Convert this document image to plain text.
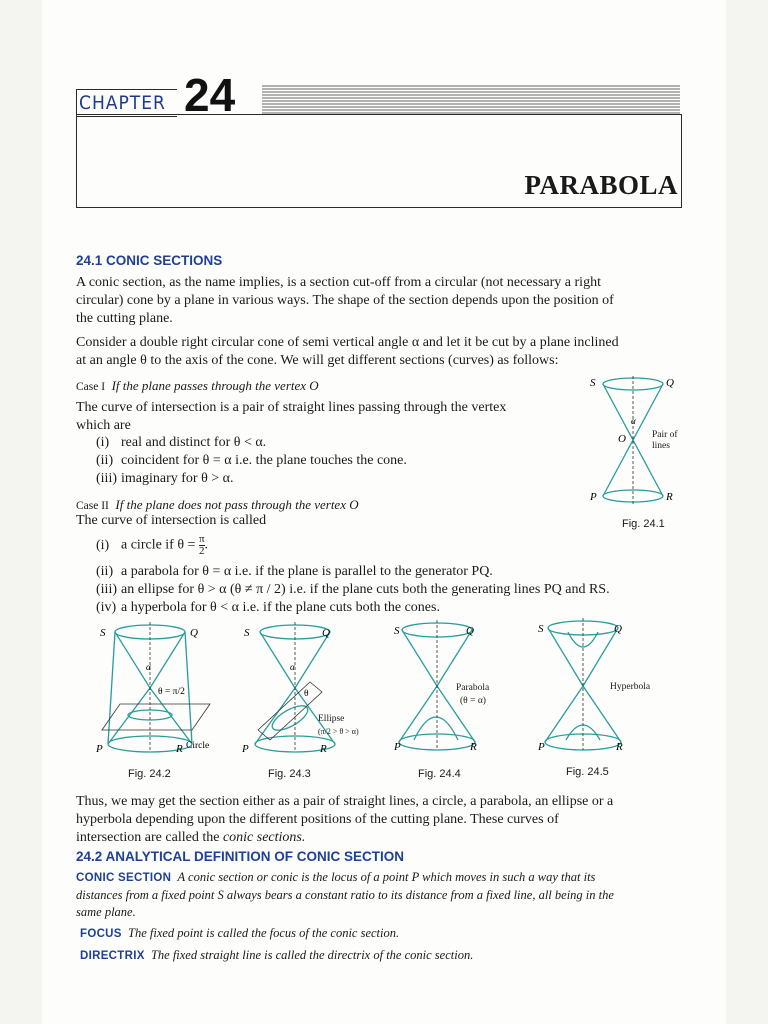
CHAPTER 24
PARABOLA
24.1 CONIC SECTIONS
A conic section, as the name implies, is a section cut-off from a circular (not necessary a right
circular) cone by a plane in various ways. The shape of the section depends upon the position of
the cutting plane.
Consider a double right circular cone of semi vertical angle α and let it be cut by a plane inclined
at an angle θ to the axis of the cone. We will get different sections (curves) as follows:
Case I If the plane passes through the vertex O
The curve of intersection is a pair of straight lines passing through the vertex
which are
(i) real and distinct for θ < α.
(ii) coincident for θ = α i.e. the plane touches the cone.
(iii) imaginary for θ > α.
Case II If the plane does not pass through the vertex O
The curve of intersection is called
(i) a circle if $\theta = \frac{\pi}{2}$ .
(ii) a parabola for θ = α i.e. if the plane is parallel to the generator PQ.
(iii) an ellipse for θ > α (θ ≠ π / 2) i.e. if the plane cuts both the generating lines PQ and RS.
(iv) a hyperbola for θ < α i.e. if the plane cuts both the cones.
S	Q
α
O
P	R
Pair of lines
Fig. 24.1
S	Q
α
θ = π/2
P	R Circle
Fig. 24.2
S	Q
α
θ
P	R
Ellipse
(π/2 > θ > α)
Fig. 24.3
S	Q
P	R
Parabola
(θ = α)
Fig. 24.4
S	Q
P	R
Hyperbola
Fig. 24.5
Thus, we may get the section either as a pair of straight lines, a circle, a parabola, an ellipse or a
hyperbola depending upon the different positions of the cutting plane. These curves of
intersection are called the conic sections.
24.2 ANALYTICAL DEFINITION OF CONIC SECTION
CONIC SECTION A conic section or conic is the locus of a point P which moves in such a way that its
distances from a fixed point S always bears a constant ratio to its distance from a fixed line, all being in the
same plane.
FOCUS The fixed point is called the focus of the conic section.
DIRECTRIX The fixed straight line is called the directrix of the conic section.
